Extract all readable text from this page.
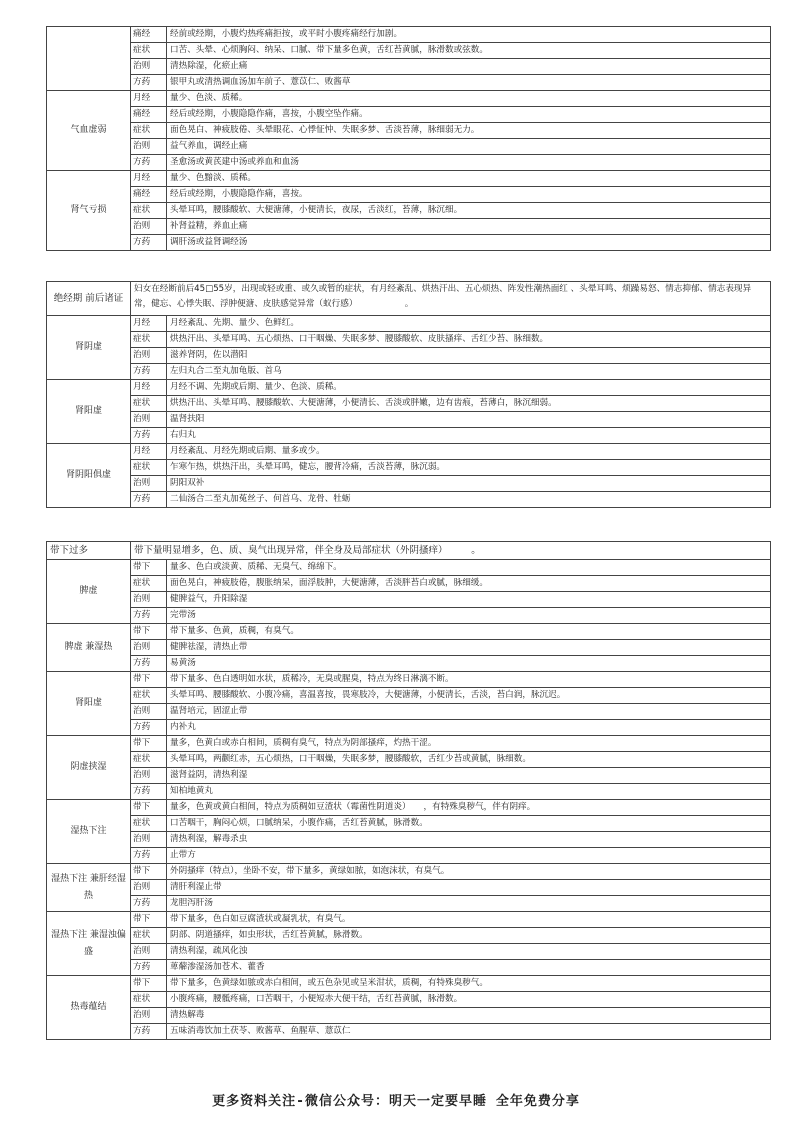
	痛经	经前或经期，小腹灼热疼痛拒按，或平时小腹疼痛经行加剧。
	症状	口苦、头晕、心烦胸闷、纳呆、口腻、带下量多色黄，舌红苔黄腻，脉滑数或弦数。
	治则	清热除湿，化瘀止痛
	方药	银甲丸或清热调血汤加车前子、薏苡仁、败酱草
气血虚弱	月经	量少、色淡、质稀。
	痛经	经后或经期，小腹隐隐作痛，喜按，小腹空坠作痛。
	症状	面色晃白、神疲肢倦、头晕眼花、心悸怔忡、失眠多梦、舌淡苔薄，脉细弱无力。
	治则	益气养血，调经止痛
	方药	圣愈汤或黄芪建中汤或养血和血汤
肾气亏损	月经	量少、色黯淡、质稀。
	痛经	经后或经期，小腹隐隐作痛，喜按。
	症状	头晕耳鸣，腰膝酸软、大便溏薄，小便清长，夜尿，舌淡红，苔薄，脉沉细。
	治则	补肾益精，养血止痛
	方药	调肝汤或益肾调经汤
绝经期 前后诸证	妇女在经断前后45□55岁，出现或轻或重、或久或暂的症状，有月经紊乱、烘热汗出、五心烦热、阵发性潮热面红 、头晕耳鸣、烦躁易怒、情志抑郁、情志表现异常，健忘、心悸失眠、浮肿便溏、皮肤感觉异常（蚁行感）　　　　　　。	
肾阴虚	月经	月经紊乱、先期、量少、色鲜红。
	症状	烘热汗出、头晕耳鸣、五心烦热、口干咽燥、失眠多梦、腰膝酸软、皮肤搔痒、舌红少苔、脉细数。
	治则	滋养肾阴，佐以潜阳
	方药	左归丸合二至丸加龟版、首乌
肾阳虚	月经	月经不调、先期或后期、量少、色淡、质稀。
	症状	烘热汗出、头晕耳鸣、腰膝酸软、大便溏薄，小便清长、舌淡或胖嫩，边有齿痕，苔薄白，脉沉细弱。
	治则	温肾扶阳
	方药	右归丸
肾阴阳俱虚	月经	月经紊乱、月经先期或后期、量多或少。
	症状	乍寒乍热，烘热汗出，头晕耳鸣，健忘，腰背冷痛，舌淡苔薄，脉沉弱。
	治则	阴阳双补
	方药	二仙汤合二至丸加菟丝子、何首乌、龙骨、牡蛎
带下过多	带下量明显增多，色、质、臭气出现异常，伴全身及局部症状（外阴搔痒）　　　。	
脾虚	带下	量多、色白或淡黄、质稀、无臭气、绵绵下。
	症状	面色晃白，神疲肢倦，腹胀纳呆，面浮肢肿，大便溏薄，舌淡胖苔白或腻，脉细缓。
	治则	健脾益气，升阳除湿
	方药	完带汤
脾虚 兼湿热	带下	带下量多、色黄，质稠，有臭气。
	治则	健脾祛湿，清热止带
	方药	易黄汤
肾阳虚	带下	带下量多、色白透明如水状，质稀冷，无臭或腥臭，特点为终日淋漓不断。
	症状	头晕耳鸣、腰膝酸软、小腹冷痛，喜温喜按，畏寒肢冷，大便溏薄，小便清长，舌淡，苔白润，脉沉迟。
	治则	温肾培元，固涩止带
	方药	内补丸
阴虚挟湿	带下	量多，色黄白或赤白相间，质稠有臭气，特点为阴部搔痒，灼热干涩。
	症状	头晕耳鸣，两颧红赤，五心烦热，口干咽燥，失眠多梦，腰膝酸软，舌红少苔或黄腻，脉细数。
	治则	滋肾益阴，清热利湿
	方药	知柏地黄丸
湿热下注	带下	量多，色黄或黄白相间，特点为质稠如豆渣状（霉菌性阴道炎）　　，有特殊臭秽气，伴有阴痒。
	症状	口苦咽干，胸闷心烦，口腻纳呆，小腹作痛，舌红苔黄腻，脉滑数。
	治则	清热利湿，解毒杀虫
	方药	止带方
湿热下注 兼肝经湿热	带下	外阴搔痒（特点），坐卧不安，带下量多，黄绿如脓，如泡沫状，有臭气。
	治则	清肝利湿止带
	方药	龙胆泻肝汤
湿热下注 兼湿浊偏盛	带下	带下量多，色白如豆腐渣状或凝乳状，有臭气。
	症状	阴部、阴道搔痒，如虫形状，舌红苔黄腻，脉滑数。
	治则	清热利湿，疏风化浊
	方药	萆薢渗湿汤加苍术、藿香
热毒蕴结	带下	带下量多，色黄绿如脓或赤白相间，或五色杂见或呈米泔状，质稠，有特殊臭秽气。
	症状	小腹疼痛，腰骶疼痛，口苦咽干，小便短赤大便干结，舌红苔黄腻，脉滑数。
	治则	清热解毒
	方药	五味消毒饮加土茯苓、败酱草、鱼腥草、薏苡仁
更多资料关注-微信公众号：明天一定要早睡 全年免费分享
